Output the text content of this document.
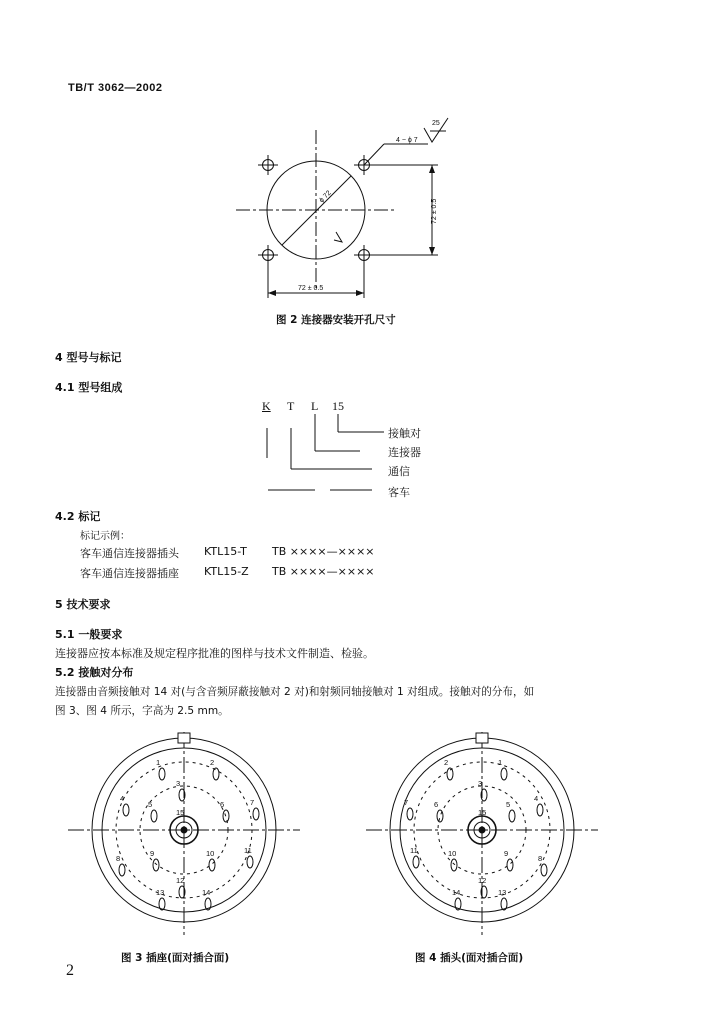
TB/T 3062—2002
4 − ϕ 7
25
ϕ 72
72 ± 0.5
72 ± 0.5
图 2 连接器安装开孔尺寸
4 型号与标记
4.1 型号组成
K T L 15
接触对
连接器
通信
客车
4.2 标记
标记示例：
客车通信连接器插头 KTL15-T TB ××××—××××
客车通信连接器插座 KTL15-Z TB ××××—××××
5 技术要求
5.1 一般要求
连接器应按本标准及规定程序批准的图样与技术文件制造、检验。
5.2 接触对分布
连接器由音频接触对 14 对(与含音频屏蔽接触对 2 对)和射频同轴接触对 1 对组成。接触对的分布，如
图 3、图 4 所示，字高为 2.5 mm。
1	2
3
4
5	6	7
8
9	10	11
12
13	14
15
1
2
3
4
5
6
7
8
9
10
11
12
13
14
15
图 3 插座(面对插合面)	图 4 插头(面对插合面)
2
